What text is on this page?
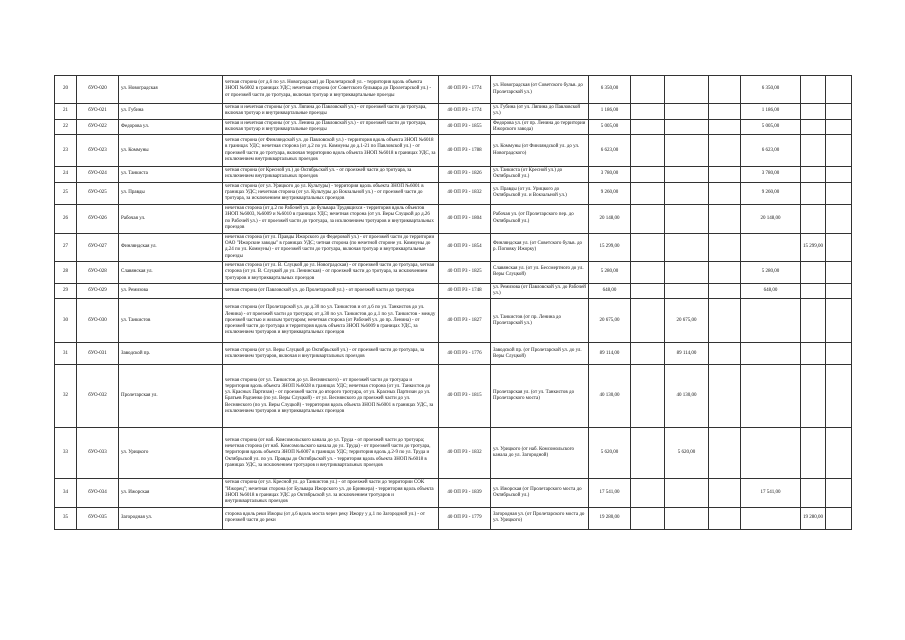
20	бУО-020	ул. Новоградская	четная сторона (от д.6 по ул. Новоградская) до Пролетарской ул. - территория вдоль объекта ЗНОП №6002 в границах УДС; нечетная сторона (от Советского бульвара до Пролетарской ул.) - от проезжей части до тротуара, включая тротуар и внутриквартальные проезды	40 ОП РЗ - 1774	ул. Новоградская (от Советского бульв. до Пролетарской ул.)	6 350,00				6 350,00		
21	бУО-021	ул. Губина	четная и нечетная стороны (от ул. Ляпина до Павловской ул.) - от проезжей части до тротуара, включая тротуар и внутриквартальные проезды	40 ОП РЗ - 1774	ул. Губина (от ул. Ляпина до Павловской ул.)	1 186,00				1 186,00		
22	бУО-022	Федорова ул.	четная и нечетная стороны (от ул. Ленина до Павловской ул.) - от проезжей части до тротуара, включая тротуар и внутриквартальные проезды	40 ОП РЗ - 1855	Федорова ул. (от пр. Ленина до территории Ижорского завода)	5 005,00				5 005,00		
23	бУО-023	ул. Коммуны	четная сторона (от Финляндской ул. до Павловской ул.) - территория вдоль объекта ЗНОП №6018 в границах УДС; нечетная сторона (от д.2 по ул. Коммуны до д.1-21 по Павловской ул.) - от проезжей части до тротуара, включая территорию вдоль объекта ЗНОП №6018 в границах УДС, за исключением внутриквартальных проездов	40 ОП РЗ - 1788	ул. Коммуны (от Финляндской ул. до ул. Новоградского)	6 623,00				6 623,00		
24	бУО-024	ул. Танкиста	четная сторона (от Кресной ул.) до Октябрьской ул. - от проезжей части до тротуара, за исключением внутриквартальных проездов	40 ОП РЗ - 1826	ул. Танкиста (от Кресной ул.) до Октябрьской ул.)	3 780,00				3 780,00		
25	бУО-025	ул. Правды	четная сторона (от ул. Урицкого до ул. Культуры) - территория вдоль объекта ЗНОП №6001 в границах УДС; нечетная сторона (от ул. Культуры до Вокзальной ул.) - от проезжей части до тротуара, за исключением внутриквартальных проездов	40 ОП РЗ - 1832	ул. Правды (от ул. Урицкого до Октябрьской ул. и Вокзальной ул.)	9 260,00				9 260,00		
26	бУО-026	Рабочая ул.	нечетная сторона (от д.2 по Рабочей ул. до бульвара Трудящихся - территория вдоль объектов ЗНОП №6003, №6009 и №6010 в границах УДС; нечетная сторона (от ул. Веры Слуцкой до д.26 по Рабочей ул.) - от проезжей части до тротуара, за исключением тротуаров и внутриквартальных проездов	40 ОП РЗ - 1804	Рабочая ул. (от Пролетарского пер. до Октябрьской ул.)	20 148,00				20 148,00		
27	бУО-027	Финляндская ул.	нечетная сторона (от ул. Правды Ижорского до Федеровой ул.) - от проезжей части до территории ОАО "Ижорские заводы" в границах УДС; четная сторона (по нечетной стороне ул. Коммуны до д.24 по ул. Коммуны) - от проезжей части до тротуара, включая тротуар и внутриквартальные проезды	40 ОП РЗ - 1854	Финляндская ул. (от Советского бульв. до р. Поповку Ижорку)	15 299,00					15 299,00	
28	бУО-028	Славянская ул.	нечетная сторона (от ул. В. Слуцкой до ул. Новоградская) - от проезжей части до тротуара, четная сторона (от ул. В. Слуцкой до ул. Ленинская) - от проезжей части до тротуара, за исключением тротуаров и внутриквартальных проездов	40 ОП РЗ - 1825	Славянская ул. (от ул. Бессмертного до ул. Веры Слуцкой)	5 280,00				5 280,00		
29	бУО-029	ул. Ремизова	четная сторона (от Павловской ул. до Пролетарской ул.) - от проезжей части до тротуара	40 ОП РЗ - 1748	ул. Ремизова (от Павловской ул. до Рабочей ул.)	648,00				648,00		
30	бУО-030	ул. Танкистов	четная сторона (от Пролетарской ул. до д.30 по ул. Танкистов и от д.6 по ул. Танкистов до ул. Ленина) - от проезжей части до тротуара; от д.30 по ул. Танкистов до д.1 по ул. Танкистов - между проезжей частью и жилым тротуаром; нечетная сторона (от Рабочей ул. до пр. Ленина) - от проезжей части до тротуара и территория вдоль объекта ЗНОП №6009 в границах УДС, за исключением тротуаров и внутриквартальных проездов	40 ОП РЗ - 1827	ул. Танкистов (от пр. Ленина до Пролетарской ул.)	20 675,00		20 675,00				
31	бУО-031	Заводской пр.	четная сторона (от ул. Веры Слуцкой до Октябрьской ул.) - от проезжей части до тротуара, за исключением тротуаров, включая и внутриквартальных проездов	40 ОП РЗ - 1776	Заводской пр. (от Пролетарской ул. до ул. Веры Слуцкой)	89 114,00		89 114,00				
32	бУО-032	Пролетарская ул.	четная сторона (от ул. Танкистов до ул. Веснянского) - от проезжей части до тротуара и территория вдоль объекта ЗНОП №6028 в границах УДС; нечетная сторона (от ул. Танкистов до ул. Красных Партизан) - от проезжей части до второго тротуара, от ул. Красных Партизан до ул. Братьев Радченко (по ул. Веры Слуцкой) - от ул. Веснянского до проезжей части до ул. Веснянского (по ул. Веры Слуцкой) - территория вдоль объекта ЗНОП №6001 в границах УДС, за исключением тротуаров и внутриквартальных проездов	40 ОП РЗ - 1815	Пролетарская ул. (от ул. Танкистов до Пролетарского моста)	40 130,00		40 130,00				
33	бУО-033	ул. Урицкого	четная сторона (от наб. Комсомольского канала до ул. Труда - от проезжей части до тротуара; нечетная сторона (от наб. Комсомольского канала до ул. Труда) - от проезжей части до тротуара, территория вдоль объекта ЗНОП №6007 в границах УДС; территория вдоль д.2-9 по ул. Труда и Октябрьской ул. по ул. Правды до Октябрьской ул. - территория вдоль объекта ЗНОП №6018 в границах УДС, за исключением тротуаров и внутриквартальных проездов	40 ОП РЗ - 1832	ул. Урицкого (от наб. Комсомольского канала до ул. Загородной)	5 620,00		5 620,00				
34	бУО-034	ул. Ижорская	четная сторона (от ул. Кресной ул. до Танкистов ул.) - от проезжей части до территории СОК "Ижорец"; нечетная сторона (от Бульвара Ижорского ул. до Бринкера) - территория вдоль объекта ЗНОП №6018 в границах УДС до Октябрьской ул. за исключением тротуаров и внутриквартальных проездов	40 ОП РЗ - 1839	ул. Ижорская (от Пролетарского моста до Октябрьской ул.)	17 541,00				17 541,00		
35	бУО-035	Загородная ул.	сторона вдоль реки Ижоры (от д.6 вдоль моста через реку Ижору у д.1 по Загородной ул.) - от проезжей части до реки	40 ОП РЗ - 1779	Загородная ул. (от Пролетарского моста до ул. Урицкого)	19 280,00					19 280,00	
